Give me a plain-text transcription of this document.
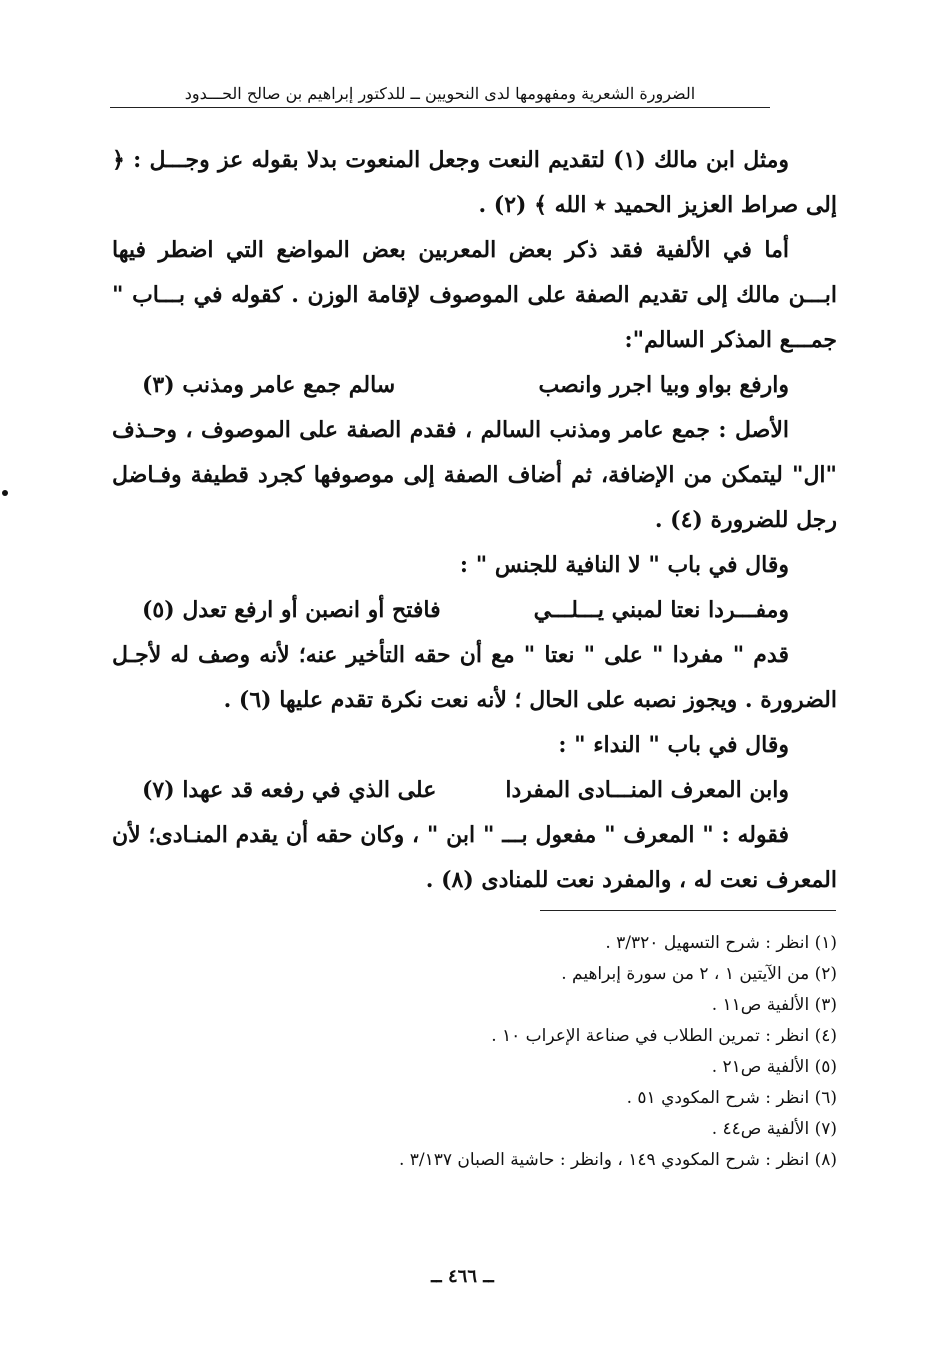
الضرورة الشعرية ومفهومها لدى النحويين ــ للدكتور إبراهيم بن صالح الحـــدود

ومثل ابن مالك (١) لتقديم النعت وجعل المنعوت بدلا بقوله عز وجـــل : ﴿ إلى صراط العزيز الحميد ٭ الله ﴾ (٢) .

أما في الألفية فقد ذكر بعض المعربين بعض المواضع التي اضطر فيها ابـــن مالك إلى تقديم الصفة على الموصوف لإقامة الوزن . كقوله في بـــاب " جمـــع المذكر السالم":

وارفع بواو وبيا اجرر وانصب
سالم جمع عامر ومذنب (٣)

الأصل : جمع عامر ومذنب السالم ، فقدم الصفة على الموصوف ، وحـذف "ال" ليتمكن من الإضافة، ثم أضاف الصفة إلى موصوفها كجرد قطيفة وفـاضل رجل للضرورة (٤) .

وقال في باب " لا النافية للجنس " :

ومفـــردا نعتا لمبني يـــلـــي
فافتح أو انصبن أو ارفع تعدل (٥)

قدم " مفردا " على " نعتا " مع أن حقه التأخير عنه؛ لأنه وصف له لأجـل الضرورة . ويجوز نصبه على الحال ؛ لأنه نعت نكرة تقدم عليها (٦) .

وقال في باب " النداء " :

وابن المعرف المنـــادى المفردا
على الذي في رفعه قد عهدا (٧)

فقوله : " المعرف " مفعول بـــ " ابن " ، وكان حقه أن يقدم المنـادى؛ لأن المعرف نعت له ، والمفرد نعت للمنادى (٨) .

(١) انظر : شرح التسهيل ٣/٣٢٠ .
(٢) من الآيتين ١ ، ٢ من سورة إبراهيم .
(٣) الألفية ص١١ .
(٤) انظر : تمرين الطلاب في صناعة الإعراب ١٠ .
(٥) الألفية ص٢١ .
(٦) انظر : شرح المكودي ٥١ .
(٧) الألفية ص٤٤ .
(٨) انظر : شرح المكودي ١٤٩ ، وانظر : حاشية الصبان ٣/١٣٧ .
ــ ٤٦٦ ــ
